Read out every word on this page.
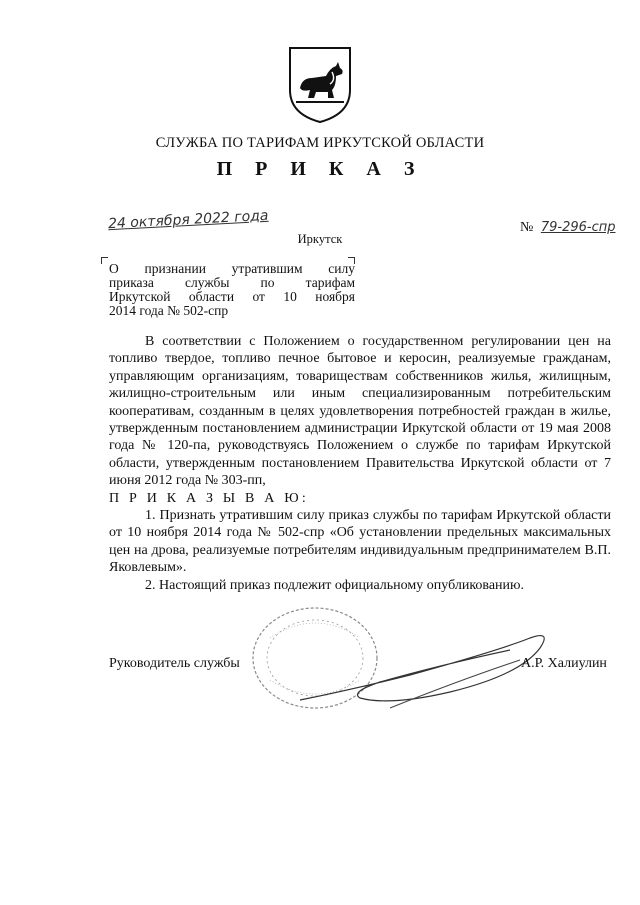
СЛУЖБА ПО ТАРИФАМ ИРКУТСКОЙ ОБЛАСТИ
П Р И К А З
24 октября 2022 года	№ 79-296-спр
Иркутск
О признании утратившим силу
приказа службы по тарифам
Иркутской области от 10 ноября
2014 года № 502-спр

В соответствии с Положением о государственном регулировании цен на топливо твердое, топливо печное бытовое и керосин, реализуемые гражданам, управляющим организациям, товариществам собственников жилья, жилищным, жилищно-строительным или иным специализированным потребительским кооперативам, созданным в целях удовлетворения потребностей граждан в жилье, утвержденным постановлением администрации Иркутской области от 19 мая 2008 года № 120-па, руководствуясь Положением о службе по тарифам Иркутской области, утвержденным постановлением Правительства Иркутской области от 7 июня 2012 года № 303-пп,

П Р И К А З Ы В А Ю:

1. Признать утратившим силу приказ службы по тарифам Иркутской области от 10 ноября 2014 года № 502-спр «Об установлении предельных максимальных цен на дрова, реализуемые потребителям индивидуальным предпринимателем В.П. Яковлевым».

2. Настоящий приказ подлежит официальному опубликованию.

Руководитель службы	А.Р. Халиулин
